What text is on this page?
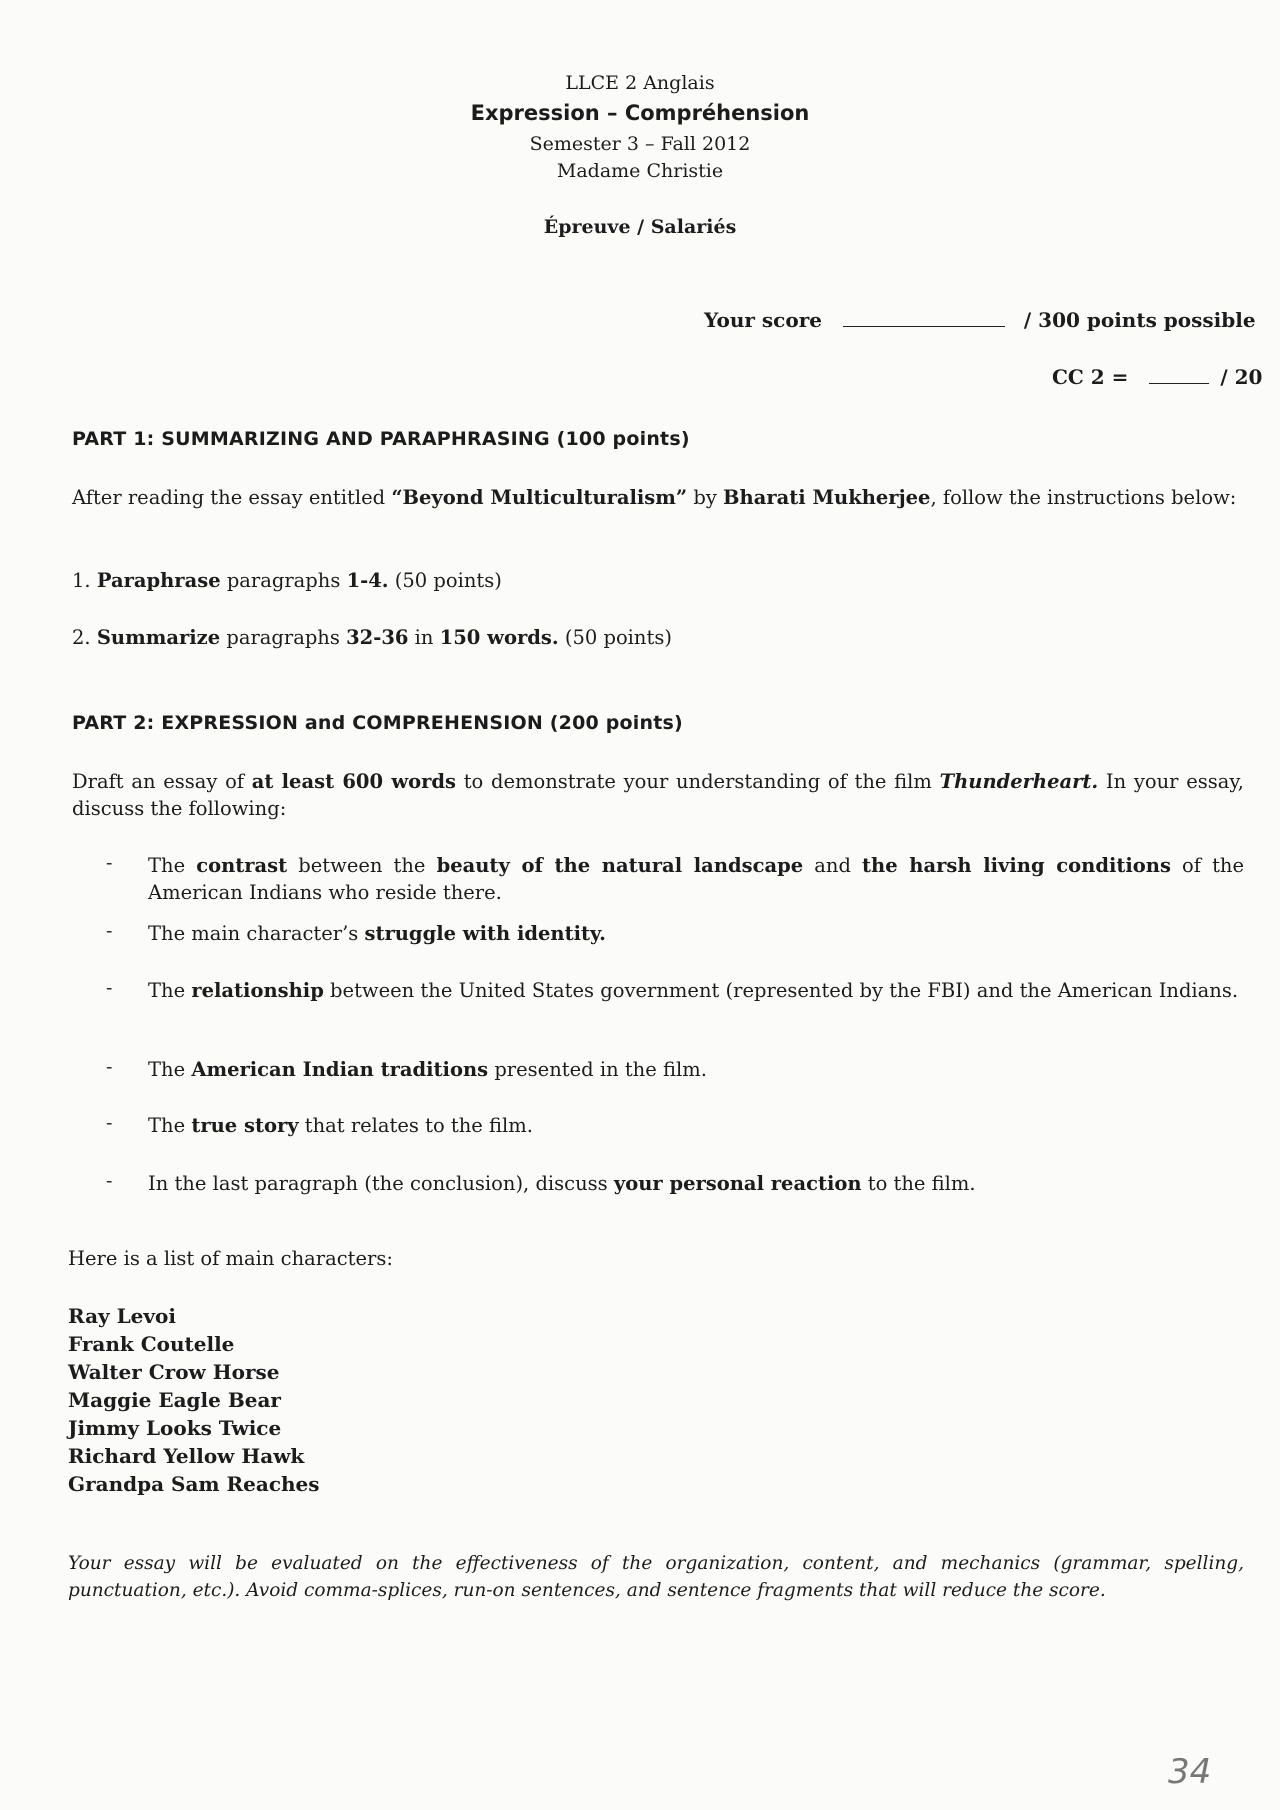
LLCE 2 Anglais
Expression – Compréhension
Semester 3 – Fall 2012
Madame Christie
Épreuve / Salariés
Your score	/ 300 points possible
CC 2 =	/ 20
PART 1: SUMMARIZING AND PARAPHRASING (100 points)
After reading the essay entitled “Beyond Multiculturalism” by Bharati Mukherjee, follow the instructions below:
1. Paraphrase paragraphs 1-4. (50 points)
2. Summarize paragraphs 32-36 in 150 words. (50 points)
PART 2: EXPRESSION and COMPREHENSION (200 points)
Draft an essay of at least 600 words to demonstrate your understanding of the film Thunderheart. In your essay, discuss the following:
- The contrast between the beauty of the natural landscape and the harsh living conditions of the American Indians who reside there.
- The main character’s struggle with identity.
- The relationship between the United States government (represented by the FBI) and the American Indians.
- The American Indian traditions presented in the film.
- The true story that relates to the film.
- In the last paragraph (the conclusion), discuss your personal reaction to the film.
Here is a list of main characters:
Ray Levoi
Frank Coutelle
Walter Crow Horse
Maggie Eagle Bear
Jimmy Looks Twice
Richard Yellow Hawk
Grandpa Sam Reaches
Your essay will be evaluated on the effectiveness of the organization, content, and mechanics (grammar, spelling, punctuation, etc.). Avoid comma-splices, run-on sentences, and sentence fragments that will reduce the score.
34
